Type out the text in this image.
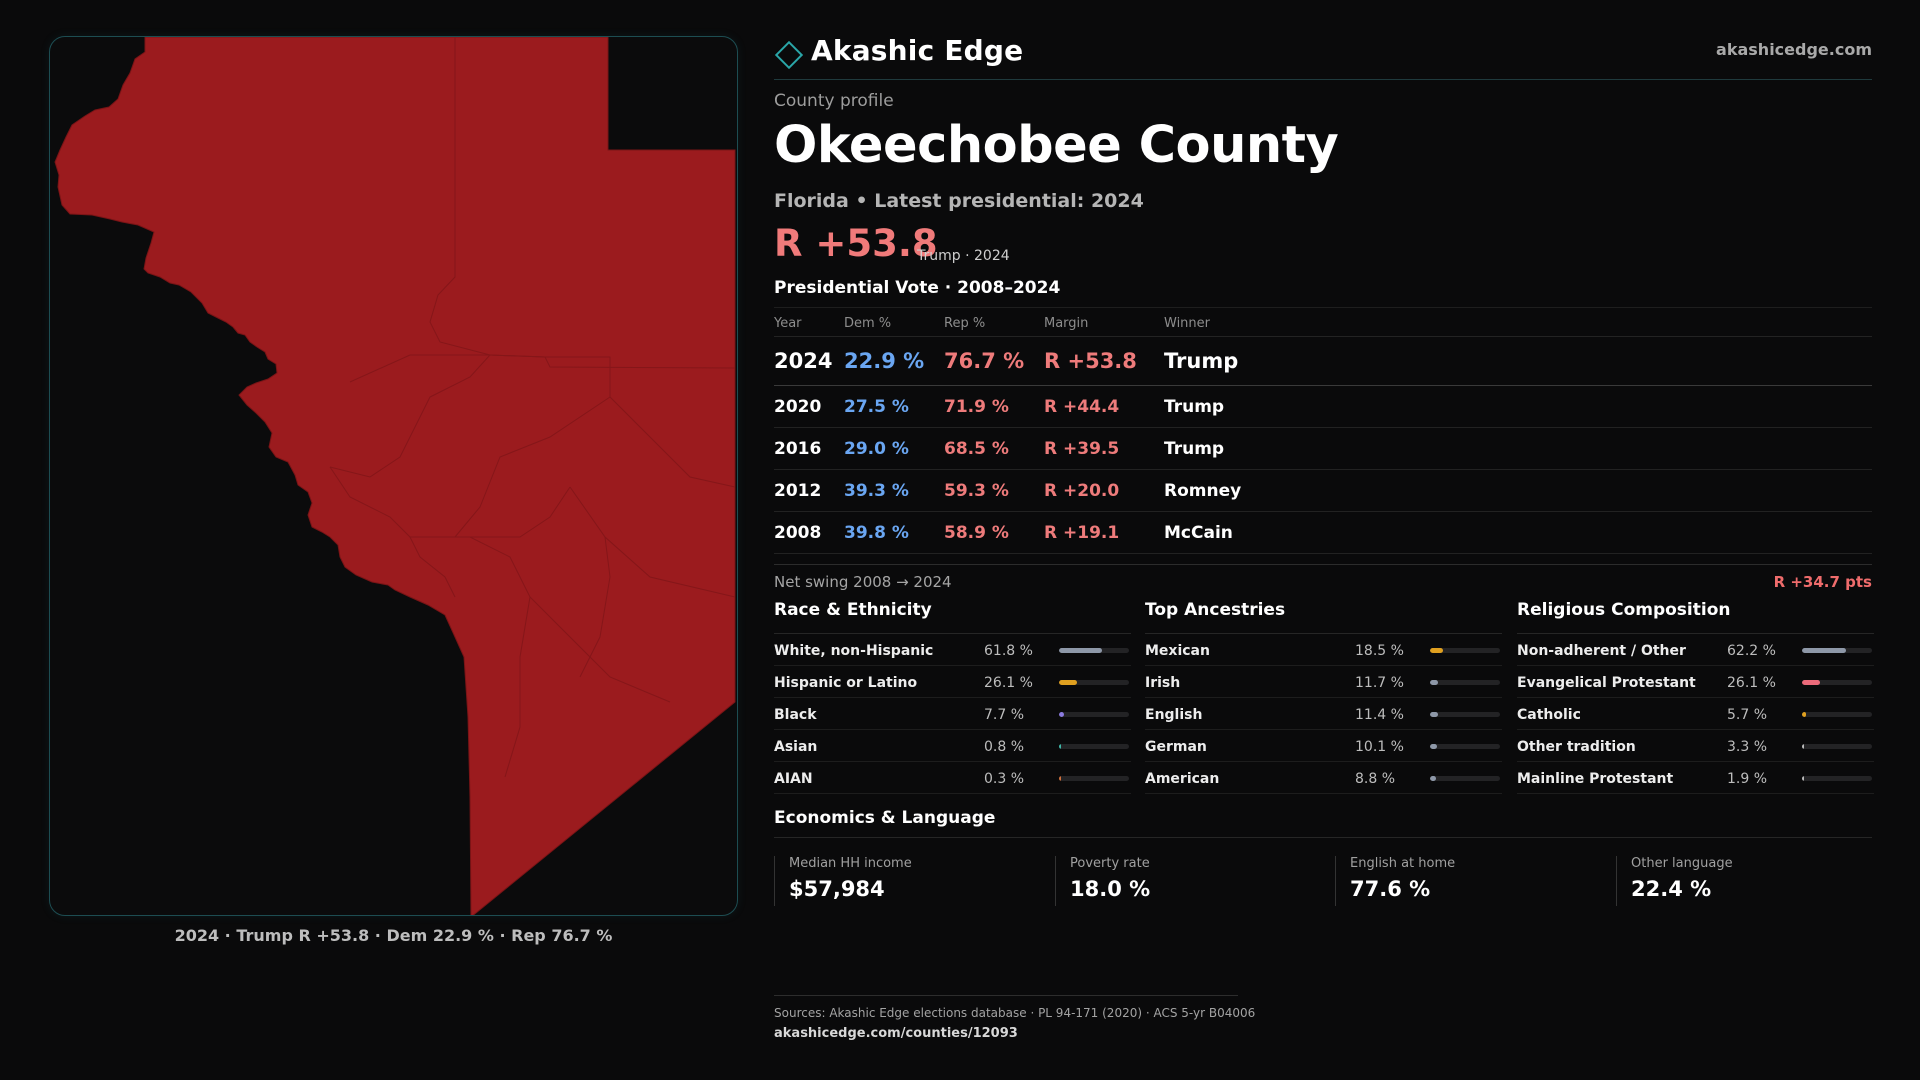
2024 · Trump R +53.8 · Dem 22.9 % · Rep 76.7 %
Akashic Edge	akashicedge.com
County profile
Okeechobee County
Florida • Latest presidential: 2024
R +53.8
Trump · 2024
Presidential Vote · 2008–2024
Year	Dem %	Rep %	Margin	Winner
2024 22.9 % 76.7 % R +53.8 Trump
2020 27.5 % 71.9 % R +44.4	Trump
2016 29.0 % 68.5 % R +39.5	Trump
2012 39.3 % 59.3 % R +20.0	Romney
2008 39.8 % 58.9 % R +19.1	McCain
Net swing 2008 → 2024	R +34.7 pts
Race & Ethnicity
White, non-Hispanic	61.8 %
Hispanic or Latino	26.1 %
Black	7.7 %
Asian	0.8 %
AIAN	0.3 %
Top Ancestries
Mexican	18.5 %
Irish	11.7 %
English	11.4 %
German	10.1 %
American	8.8 %
Religious Composition
Non-adherent / Other	62.2 %
Evangelical Protestant 26.1 %
Catholic	5.7 %
Other tradition	3.3 %
Mainline Protestant	1.9 %
Economics & Language
Median HH income
$57,984
Poverty rate
18.0 %
English at home
77.6 %
Other language
22.4 %
Sources: Akashic Edge elections database · PL 94-171 (2020) · ACS 5-yr B04006
akashicedge.com/counties/12093
